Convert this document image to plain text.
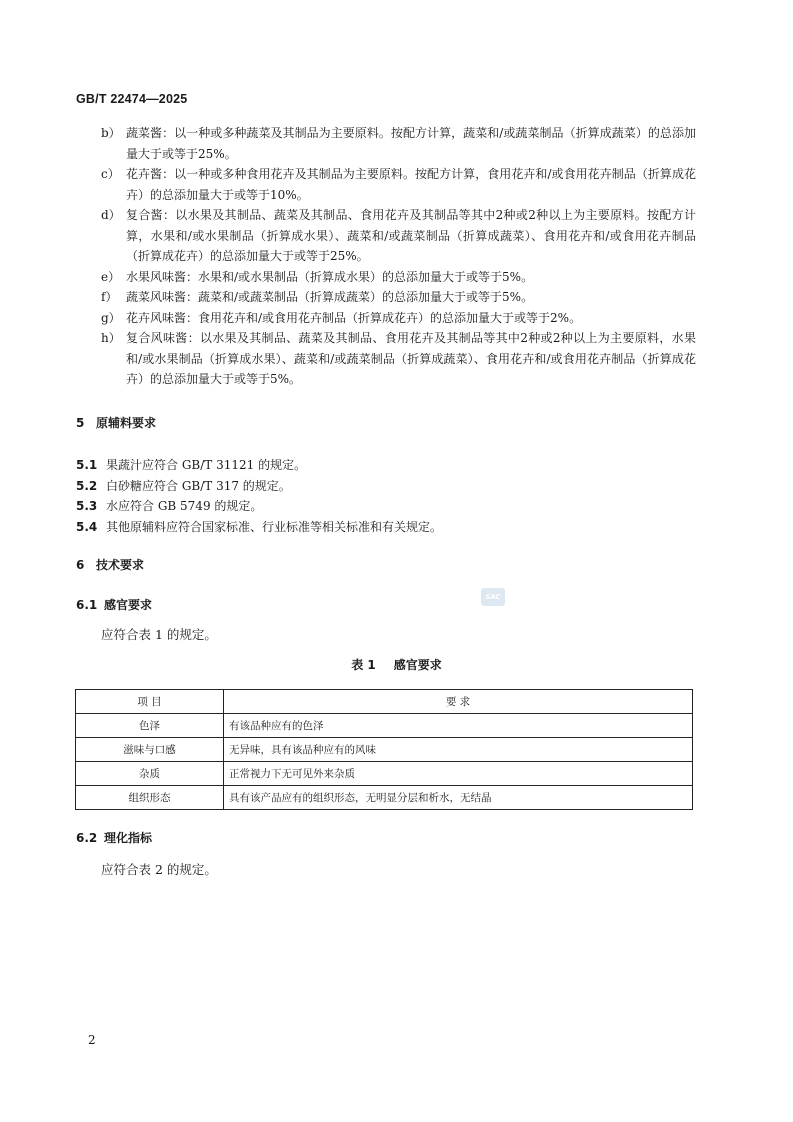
GB/T 22474—2025
b） 蔬菜酱：以一种或多种蔬菜及其制品为主要原料。按配方计算，蔬菜和/或蔬菜制品（折算成蔬菜）的总添加量大于或等于25%。
c） 花卉酱：以一种或多种食用花卉及其制品为主要原料。按配方计算，食用花卉和/或食用花卉制品（折算成花卉）的总添加量大于或等于10%。
d） 复合酱：以水果及其制品、蔬菜及其制品、食用花卉及其制品等其中2种或2种以上为主要原料。按配方计算，水果和/或水果制品（折算成水果）、蔬菜和/或蔬菜制品（折算成蔬菜）、食用花卉和/或食用花卉制品（折算成花卉）的总添加量大于或等于25%。
e） 水果风味酱：水果和/或水果制品（折算成水果）的总添加量大于或等于5%。
f） 蔬菜风味酱：蔬菜和/或蔬菜制品（折算成蔬菜）的总添加量大于或等于5%。
g） 花卉风味酱：食用花卉和/或食用花卉制品（折算成花卉）的总添加量大于或等于2%。
h） 复合风味酱：以水果及其制品、蔬菜及其制品、食用花卉及其制品等其中2种或2种以上为主要原料，水果和/或水果制品（折算成水果）、蔬菜和/或蔬菜制品（折算成蔬菜）、食用花卉和/或食用花卉制品（折算成花卉）的总添加量大于或等于5%。
5 原辅料要求
5.1 果蔬汁应符合 GB/T 31121 的规定。
5.2 白砂糖应符合 GB/T 317 的规定。
5.3 水应符合 GB 5749 的规定。
5.4 其他原辅料应符合国家标准、行业标准等相关标准和有关规定。
6 技术要求
6.1 感官要求
SAC
应符合表 1 的规定。
表 1 感官要求
项 目	要 求
色泽	有该品种应有的色泽
滋味与口感	无异味，具有该品种应有的风味
杂质	正常视力下无可见外来杂质
组织形态	具有该产品应有的组织形态，无明显分层和析水，无结晶
6.2 理化指标
应符合表 2 的规定。
2
